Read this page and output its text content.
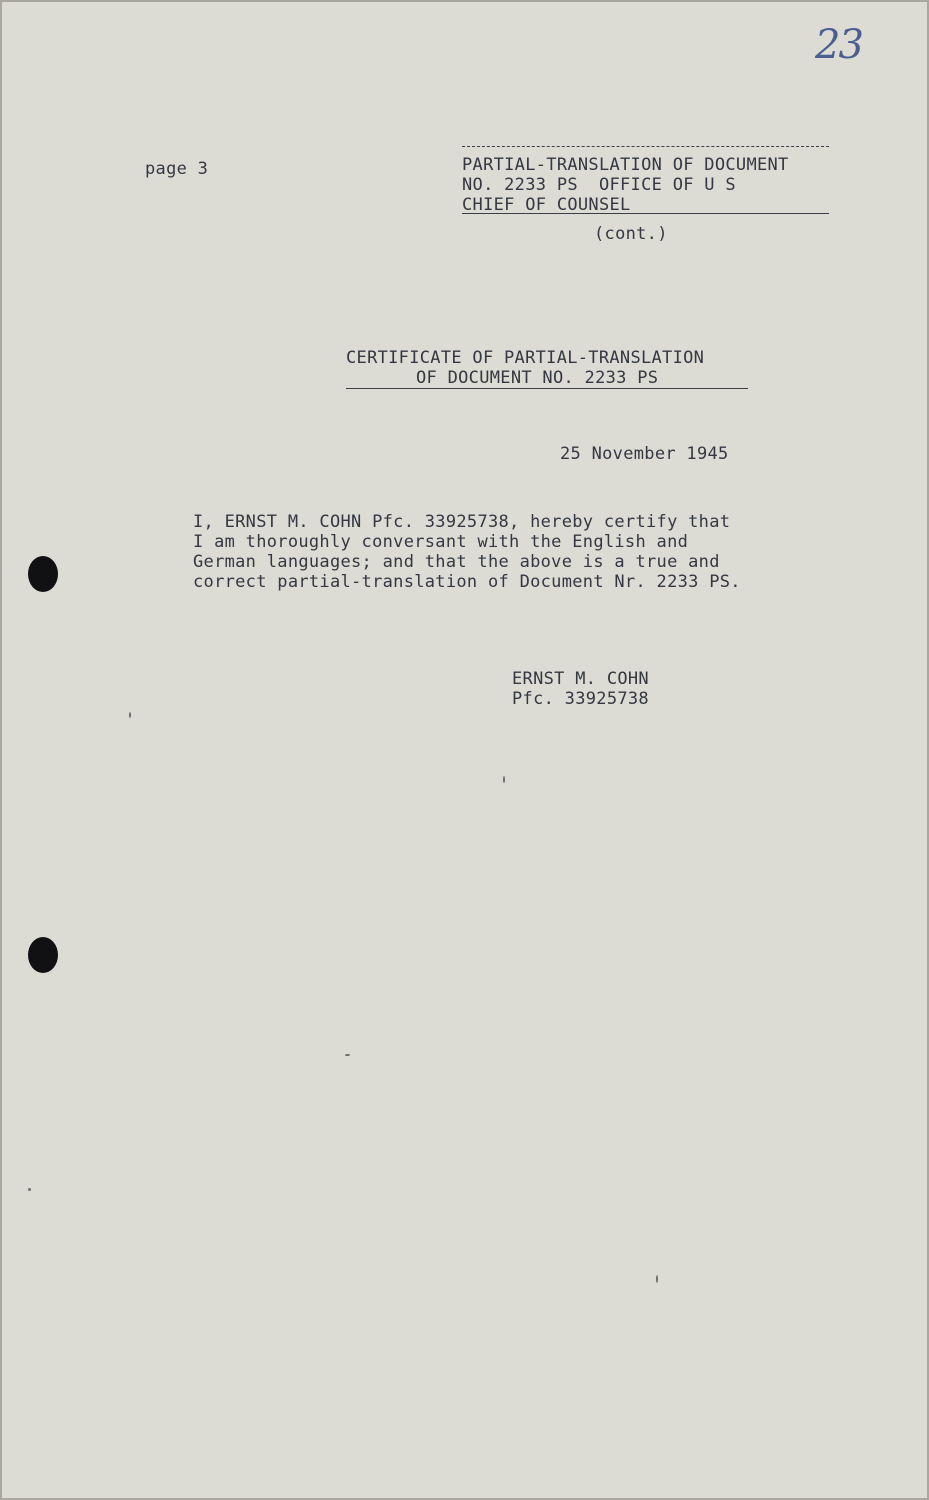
23
page 3	PARTIAL-TRANSLATION OF DOCUMENT
NO. 2233 PS  OFFICE OF U S
CHIEF OF COUNSEL
(cont.)
CERTIFICATE OF PARTIAL-TRANSLATION
OF DOCUMENT NO. 2233 PS
25 November 1945
I, ERNST M. COHN Pfc. 33925738, hereby certify that
I am thoroughly conversant with the English and
German languages; and that the above is a true and
correct partial-translation of Document Nr. 2233 PS.
ERNST M. COHN
Pfc. 33925738
